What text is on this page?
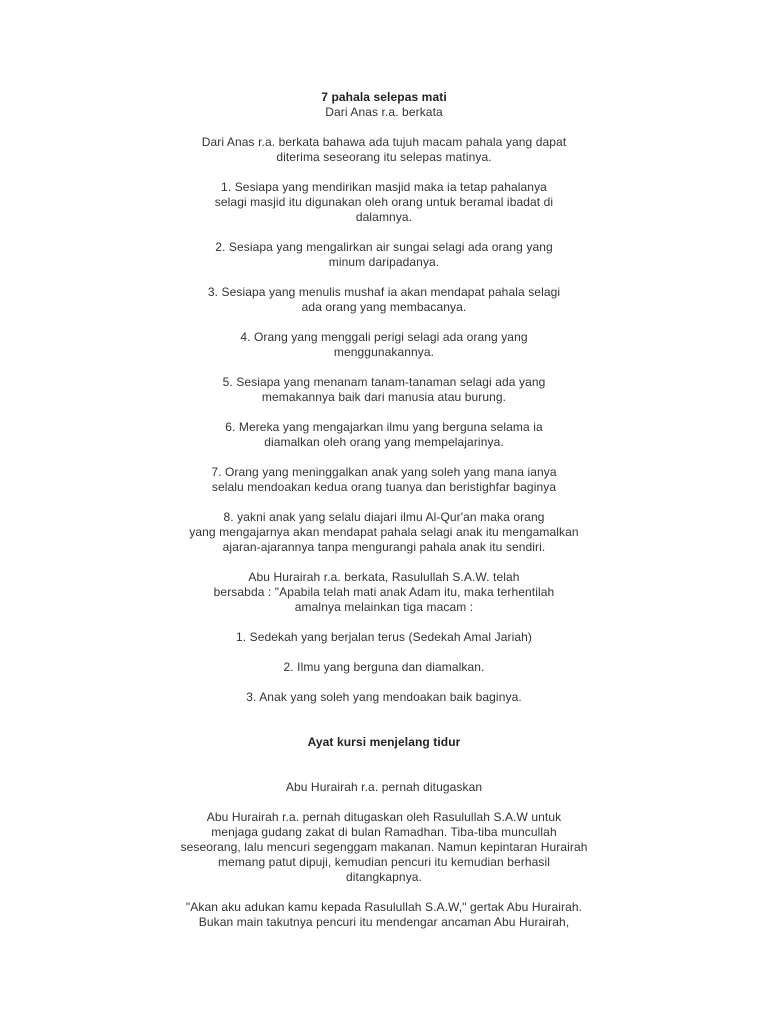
7 pahala selepas mati

Dari Anas r.a. berkata

Dari Anas r.a. berkata bahawa ada tujuh macam pahala yang dapat
diterima seseorang itu selepas matinya.

1. Sesiapa yang mendirikan masjid maka ia tetap pahalanya
selagi masjid itu digunakan oleh orang untuk beramal ibadat di
dalamnya.

2. Sesiapa yang mengalirkan air sungai selagi ada orang yang
minum daripadanya.

3. Sesiapa yang menulis mushaf ia akan mendapat pahala selagi
ada orang yang membacanya.

4. Orang yang menggali perigi selagi ada orang yang
menggunakannya.

5. Sesiapa yang menanam tanam-tanaman selagi ada yang
memakannya baik dari manusia atau burung.

6. Mereka yang mengajarkan ilmu yang berguna selama ia
diamalkan oleh orang yang mempelajarinya.

7. Orang yang meninggalkan anak yang soleh yang mana ianya
selalu mendoakan kedua orang tuanya dan beristighfar baginya

8. yakni anak yang selalu diajari ilmu Al-Qur'an maka orang
yang mengajarnya akan mendapat pahala selagi anak itu mengamalkan
ajaran-ajarannya tanpa mengurangi pahala anak itu sendiri.

Abu Hurairah r.a. berkata, Rasulullah S.A.W. telah
bersabda : "Apabila telah mati anak Adam itu, maka terhentilah
amalnya melainkan tiga macam :

1. Sedekah yang berjalan terus (Sedekah Amal Jariah)

2. Ilmu yang berguna dan diamalkan.

3. Anak yang soleh yang mendoakan baik baginya.

Ayat kursi menjelang tidur

Abu Hurairah r.a. pernah ditugaskan

Abu Hurairah r.a. pernah ditugaskan oleh Rasulullah S.A.W untuk
menjaga gudang zakat di bulan Ramadhan. Tiba-tiba muncullah
seseorang, lalu mencuri segenggam makanan. Namun kepintaran Hurairah
memang patut dipuji, kemudian pencuri itu kemudian berhasil
ditangkapnya.

"Akan aku adukan kamu kepada Rasulullah S.A.W," gertak Abu Hurairah.
Bukan main takutnya pencuri itu mendengar ancaman Abu Hurairah,
